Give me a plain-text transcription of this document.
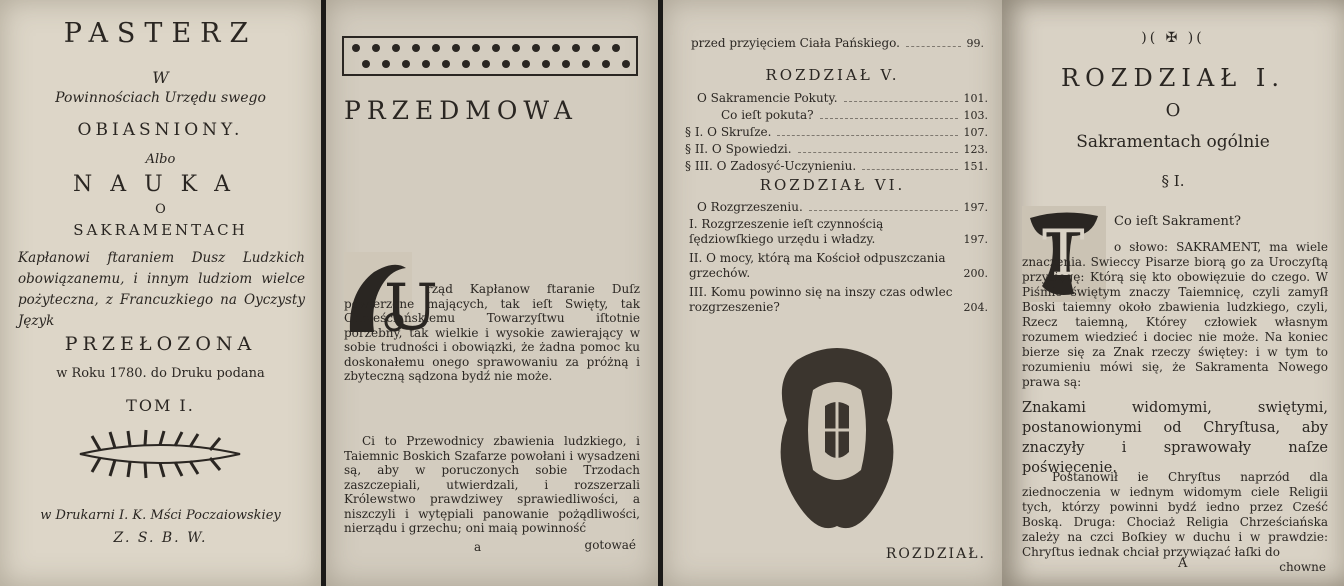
PASTERZ
W
Powinnościach Urzędu swego
OBIASNIONY.
Albo
NAUKA
O
SAKRAMENTACH
Kapłanowi ftaraniem Dusz Ludzkich obowiązanemu, i innym ludziom wielce pożyteczna, z Francuzkiego na Oyczysty Język
PRZEŁOZONA
w Roku 1780. do Druku podana
TOM I.
w Drukarni I. K. Mści Poczaiowskiey
Z. S. B. W.
PRZEDMOWA
U

rząd Kapłanow ftaranie Duſz powierzone mających, tak ieſt Swięty, tak Chrześciańskiemu Towarzyſtwu iſtotnie porzebny, tak wielkie i wysokie zawierający w sobie trudności i obowiązki, że żadna pomoc ku doskonałemu onego sprawowaniu za próżną i zbyteczną sądzona bydź nie może.

Ci to Przewodnicy zbawienia ludzkiego, i Taiemnic Boskich Szafarze powołani i wysadzeni są, aby w poruczonych sobie Trzodach zaszczepiali, utwierdzali, i rozszerzali Królewstwo prawdziwey sprawiedliwości, a niszczyli i wytępiali panowanie pożądliwości, nierządu i grzechu; oni maią powinność

a	gotowaé
przed przyięciem Ciała Pańskiego.	99.
ROZDZIAŁ V.
O Sakramencie Pokuty.	101.
Co ieſt pokuta?	103.
§ I. O Skruſze.	107.
§ II. O Spowiedzi.	123.
§ III. O Zadosyć-Uczynieniu.	151.
ROZDZIAŁ VI.
O Rozgrzeszeniu.	197.
I. Rozgrzeszenie ieſt czynnością ſędziowſkiego urzędu i władzy.	197.
II. O mocy, którą ma Kościoł odpuszczania grzechów.	200.
III. Komu powinno się na inszy czas odwlec rozgrzeszenie?	204.
ROZDZIAŁ.
)( ✠ )(
ROZDZIAŁ I.
O
Sakramentach ogólnie
§ I.
Co ieſt Sakrament?
T	o słowo: SAKRAMENT, ma wiele znaczenia. Swieccy Pisarze biorą go za Uroczyſtą przysięgę: Którą się kto obowięzuie do czego. W Piśmie świętym znaczy Taiemnicę, czyli zamyſł Boski taiemny około zbawienia ludzkiego, czyli, Rzecz taiemną, Którey człowiek własnym rozumem wiedzieć i dociec nie może. Na koniec bierze się za Znak rzeczy świętey: i w tym to rozumieniu mówi się, że Sakramenta Nowego prawa są:

Znakami widomymi, swiętymi, postanowionymi od Chryſtusa, aby znaczyły i sprawowały naſze poświęcenie.

Postanowił ie Chryſtus naprzód dla ziednoczenia w iednym widomym ciele Religii tych, którzy powinni bydź iedno przez Cześć Boską. Druga: Chociaż Religia Chrześciańska zależy na czci Boſkiey w duchu i w prawdzie: Chryſtus iednak chciał przywiązać łaſki do

A	chowne
